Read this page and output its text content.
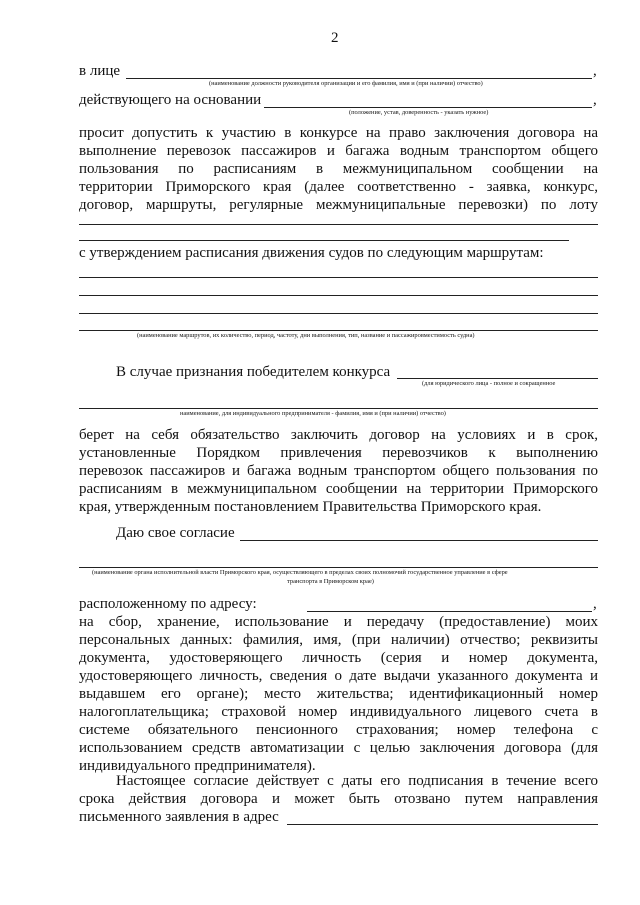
2
в лице	,
(наименование должности руководителя организации и его фамилия, имя и (при наличии) отчество)
действующего на основании	,
(положение, устав, доверенность - указать нужное)
просит допустить к участию в конкурсе на право заключения договора на
выполнение перевозок пассажиров и багажа водным транспортом общего
пользования по расписаниям в межмуниципальном сообщении на
территории Приморского края (далее соответственно - заявка, конкурс,
договор, маршруты, регулярные межмуниципальные перевозки) по лоту
с утверждением расписания движения судов по следующим маршрутам:
(наименование маршрутов, их количество, период, частоту, дни выполнения, тип, название и пассажировместимость судна)
В случае признания победителем конкурса
(для юридического лица - полное и сокращенное
наименование, для индивидуального предпринимателя - фамилия, имя и (при наличии) отчество)
берет на себя обязательство заключить договор на условиях и в срок,
установленные Порядком привлечения перевозчиков к выполнению
перевозок пассажиров и багажа водным транспортом общего пользования по
расписаниям в межмуниципальном сообщении на территории Приморского
края, утвержденным постановлением Правительства Приморского края.
Даю свое согласие
(наименование органа исполнительной власти Приморского края, осуществляющего в пределах своих полномочий государственное управление в сфере
транспорта в Приморском крае)
расположенному по адресу:	,
на сбор, хранение, использование и передачу (предоставление) моих
персональных данных: фамилия, имя, (при наличии) отчество; реквизиты
документа, удостоверяющего личность (серия и номер документа,
удостоверяющего личность, сведения о дате выдачи указанного документа и
выдавшем его органе); место жительства; идентификационный номер
налогоплательщика; страховой номер индивидуального лицевого счета в
системе обязательного пенсионного страхования; номер телефона с
использованием средств автоматизации с целью заключения договора (для
индивидуального предпринимателя).
Настоящее согласие действует с даты его подписания в течение всего
срока действия договора и может быть отозвано путем направления
письменного заявления в адрес
